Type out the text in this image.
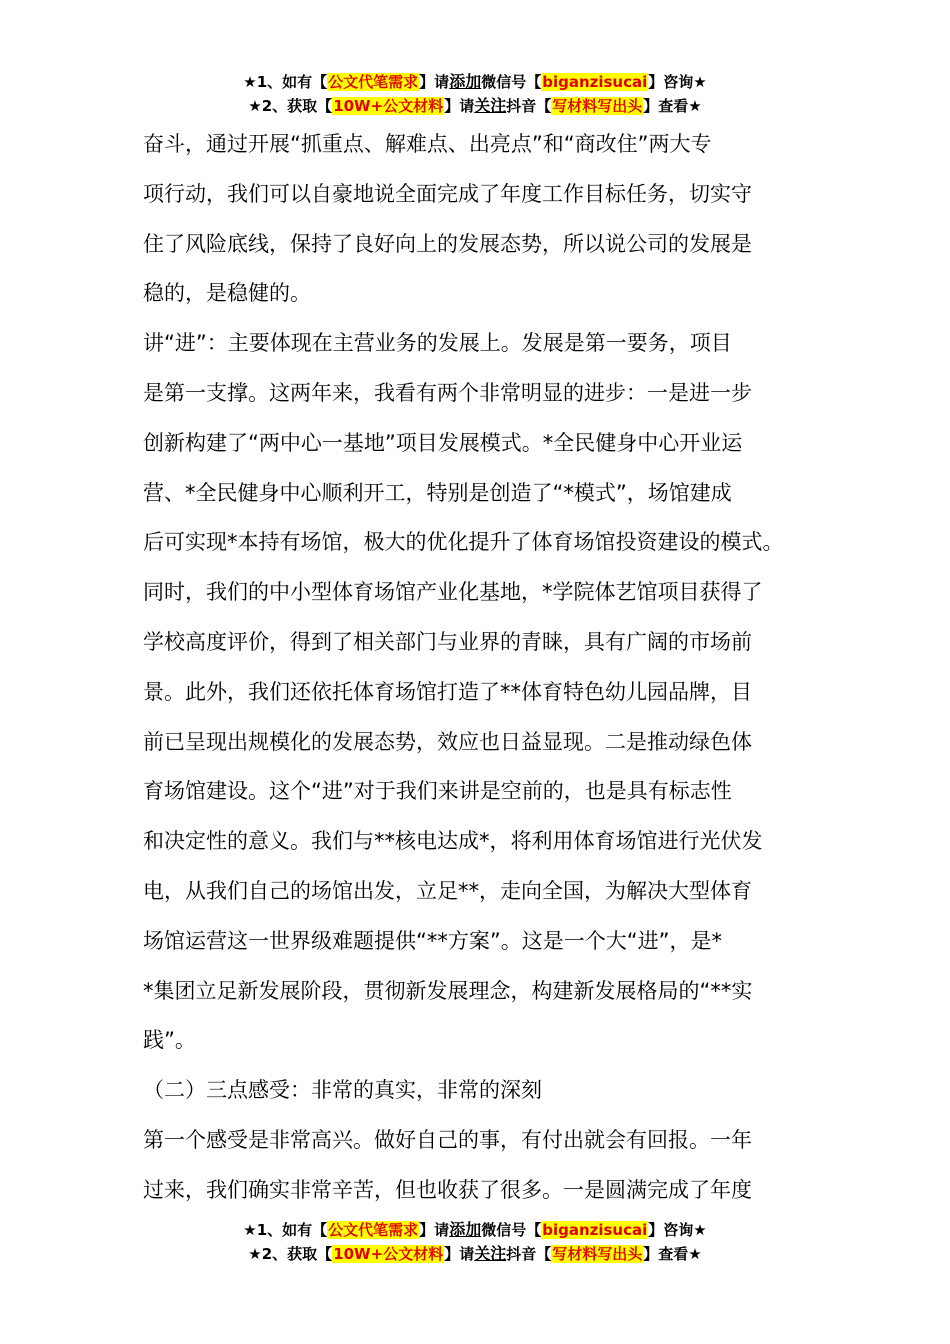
★1、如有【公文代笔需求】请添加微信号【biganzisucai】咨询★
★2、获取【10W+公文材料】请关注抖音【写材料写出头】查看★
奋斗，通过开展“抓重点、解难点、出亮点”和“商改住”两大专
项行动，我们可以自豪地说全面完成了年度工作目标任务，切实守
住了风险底线，保持了良好向上的发展态势，所以说公司的发展是
稳的，是稳健的。
讲“进”：主要体现在主营业务的发展上。发展是第一要务，项目
是第一支撑。这两年来，我看有两个非常明显的进步：一是进一步
创新构建了“两中心一基地”项目发展模式。*全民健身中心开业运
营、*全民健身中心顺利开工，特别是创造了“*模式”，场馆建成
后可实现*本持有场馆，极大的优化提升了体育场馆投资建设的模式。
同时，我们的中小型体育场馆产业化基地，*学院体艺馆项目获得了
学校高度评价，得到了相关部门与业界的青睐，具有广阔的市场前
景。此外，我们还依托体育场馆打造了**体育特色幼儿园品牌，目
前已呈现出规模化的发展态势，效应也日益显现。二是推动绿色体
育场馆建设。这个“进”对于我们来讲是空前的，也是具有标志性
和决定性的意义。我们与**核电达成*，将利用体育场馆进行光伏发
电，从我们自己的场馆出发，立足**，走向全国，为解决大型体育
场馆运营这一世界级难题提供“**方案”。这是一个大“进”，是*
*集团立足新发展阶段，贯彻新发展理念，构建新发展格局的“**实
践”。
（二）三点感受：非常的真实，非常的深刻
第一个感受是非常高兴。做好自己的事，有付出就会有回报。一年
过来，我们确实非常辛苦，但也收获了很多。一是圆满完成了年度
★1、如有【公文代笔需求】请添加微信号【biganzisucai】咨询★
★2、获取【10W+公文材料】请关注抖音【写材料写出头】查看★
